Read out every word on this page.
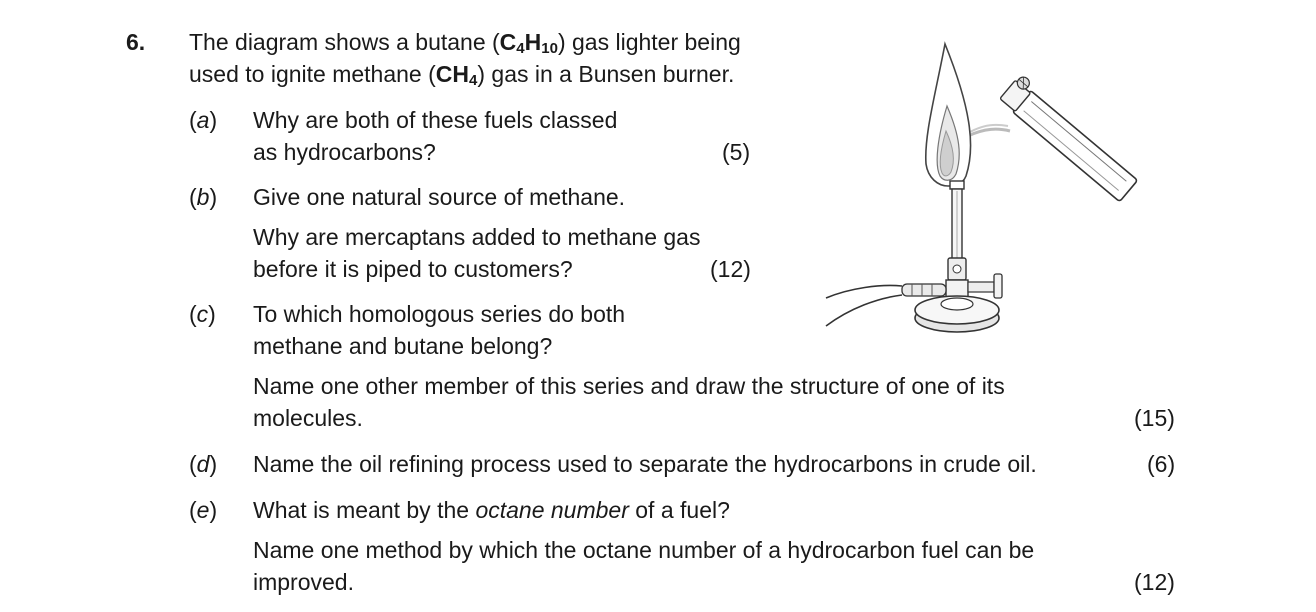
6. The diagram shows a butane $(C_4H_{10})$ gas lighter being
used to ignite methane $(CH_4)$ gas in a Bunsen burner.
(a) Why are both of these fuels classed
as hydrocarbons?	(5)
(b) Give one natural source of methane.
Why are mercaptans added to methane gas
before it is piped to customers?	(12)
(c) To which homologous series do both
methane and butane belong?
Name one other member of this series and draw the structure of one of its
molecules.	(15)
(d) Name the oil refining process used to separate the hydrocarbons in crude oil.	(6)
(e) What is meant by the octane number of a fuel?
Name one method by which the octane number of a hydrocarbon fuel can be
improved.	(12)
